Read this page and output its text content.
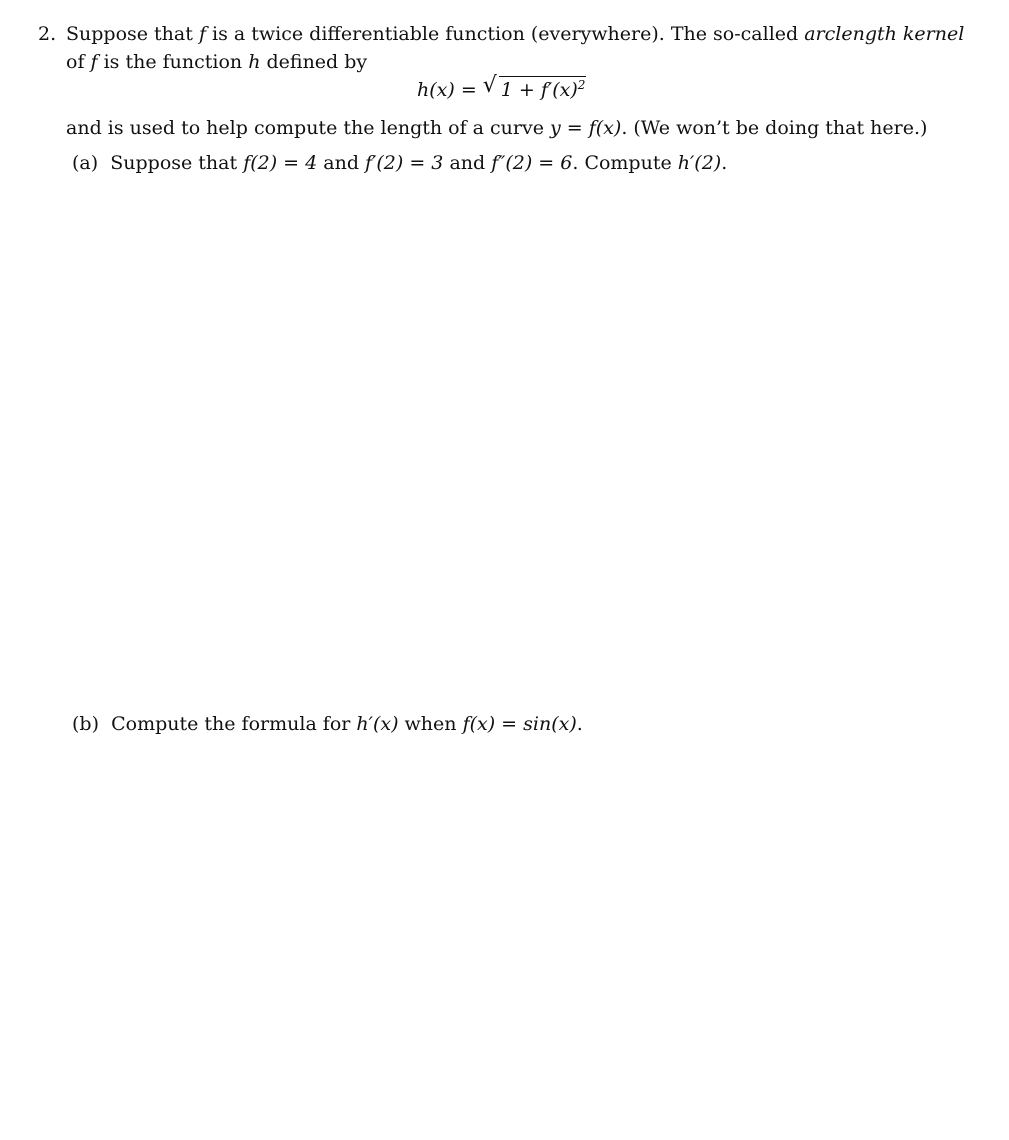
2. Suppose that f is a twice differentiable function (everywhere). The so-called arclength kernel
of f is the function h defined by
h(x) = √ $1 + f'(x)^2$
and is used to help compute the length of a curve y = f(x). (We won’t be doing that here.)
(a) Suppose that f(2) = 4 and f′(2) = 3 and f″(2) = 6. Compute h′(2).
(b) Compute the formula for h′(x) when f(x) = sin(x).
